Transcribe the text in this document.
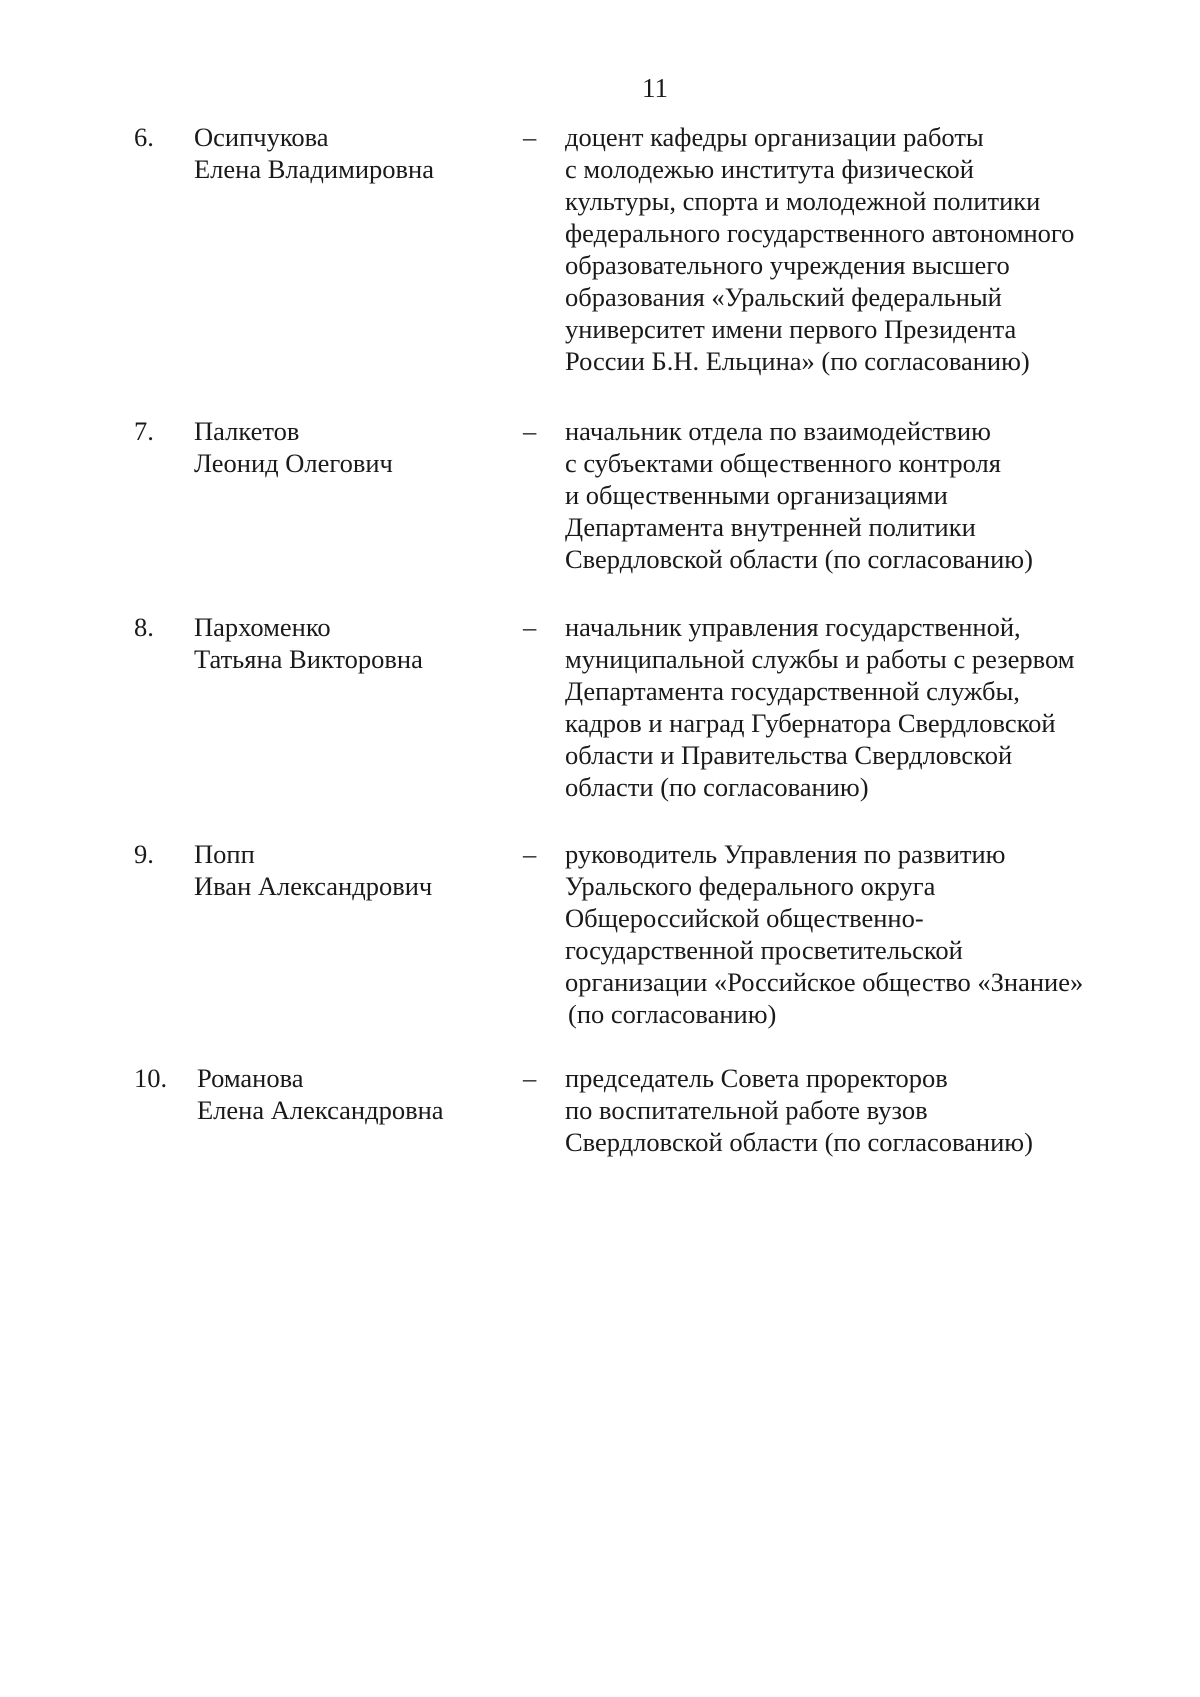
11
6. Осипчукова
Елена Владимировна
– доцент кафедры организации работы
с молодежью института физической
культуры, спорта и молодежной политики
федерального государственного автономного
образовательного учреждения высшего
образования «Уральский федеральный
университет имени первого Президента
России Б.Н. Ельцина» (по согласованию)
7. Палкетов
Леонид Олегович
– начальник отдела по взаимодействию
с субъектами общественного контроля
и общественными организациями
Департамента внутренней политики
Свердловской области (по согласованию)
8. Пархоменко
Татьяна Викторовна
– начальник управления государственной,
муниципальной службы и работы с резервом
Департамента государственной службы,
кадров и наград Губернатора Свердловской
области и Правительства Свердловской
области (по согласованию)
9. Попп
Иван Александрович
– руководитель Управления по развитию
Уральского федерального округа
Общероссийской общественно-
государственной просветительской
организации «Российское общество «Знание»
(по согласованию)
10. Романова
Елена Александровна
– председатель Совета проректоров
по воспитательной работе вузов
Свердловской области (по согласованию)
